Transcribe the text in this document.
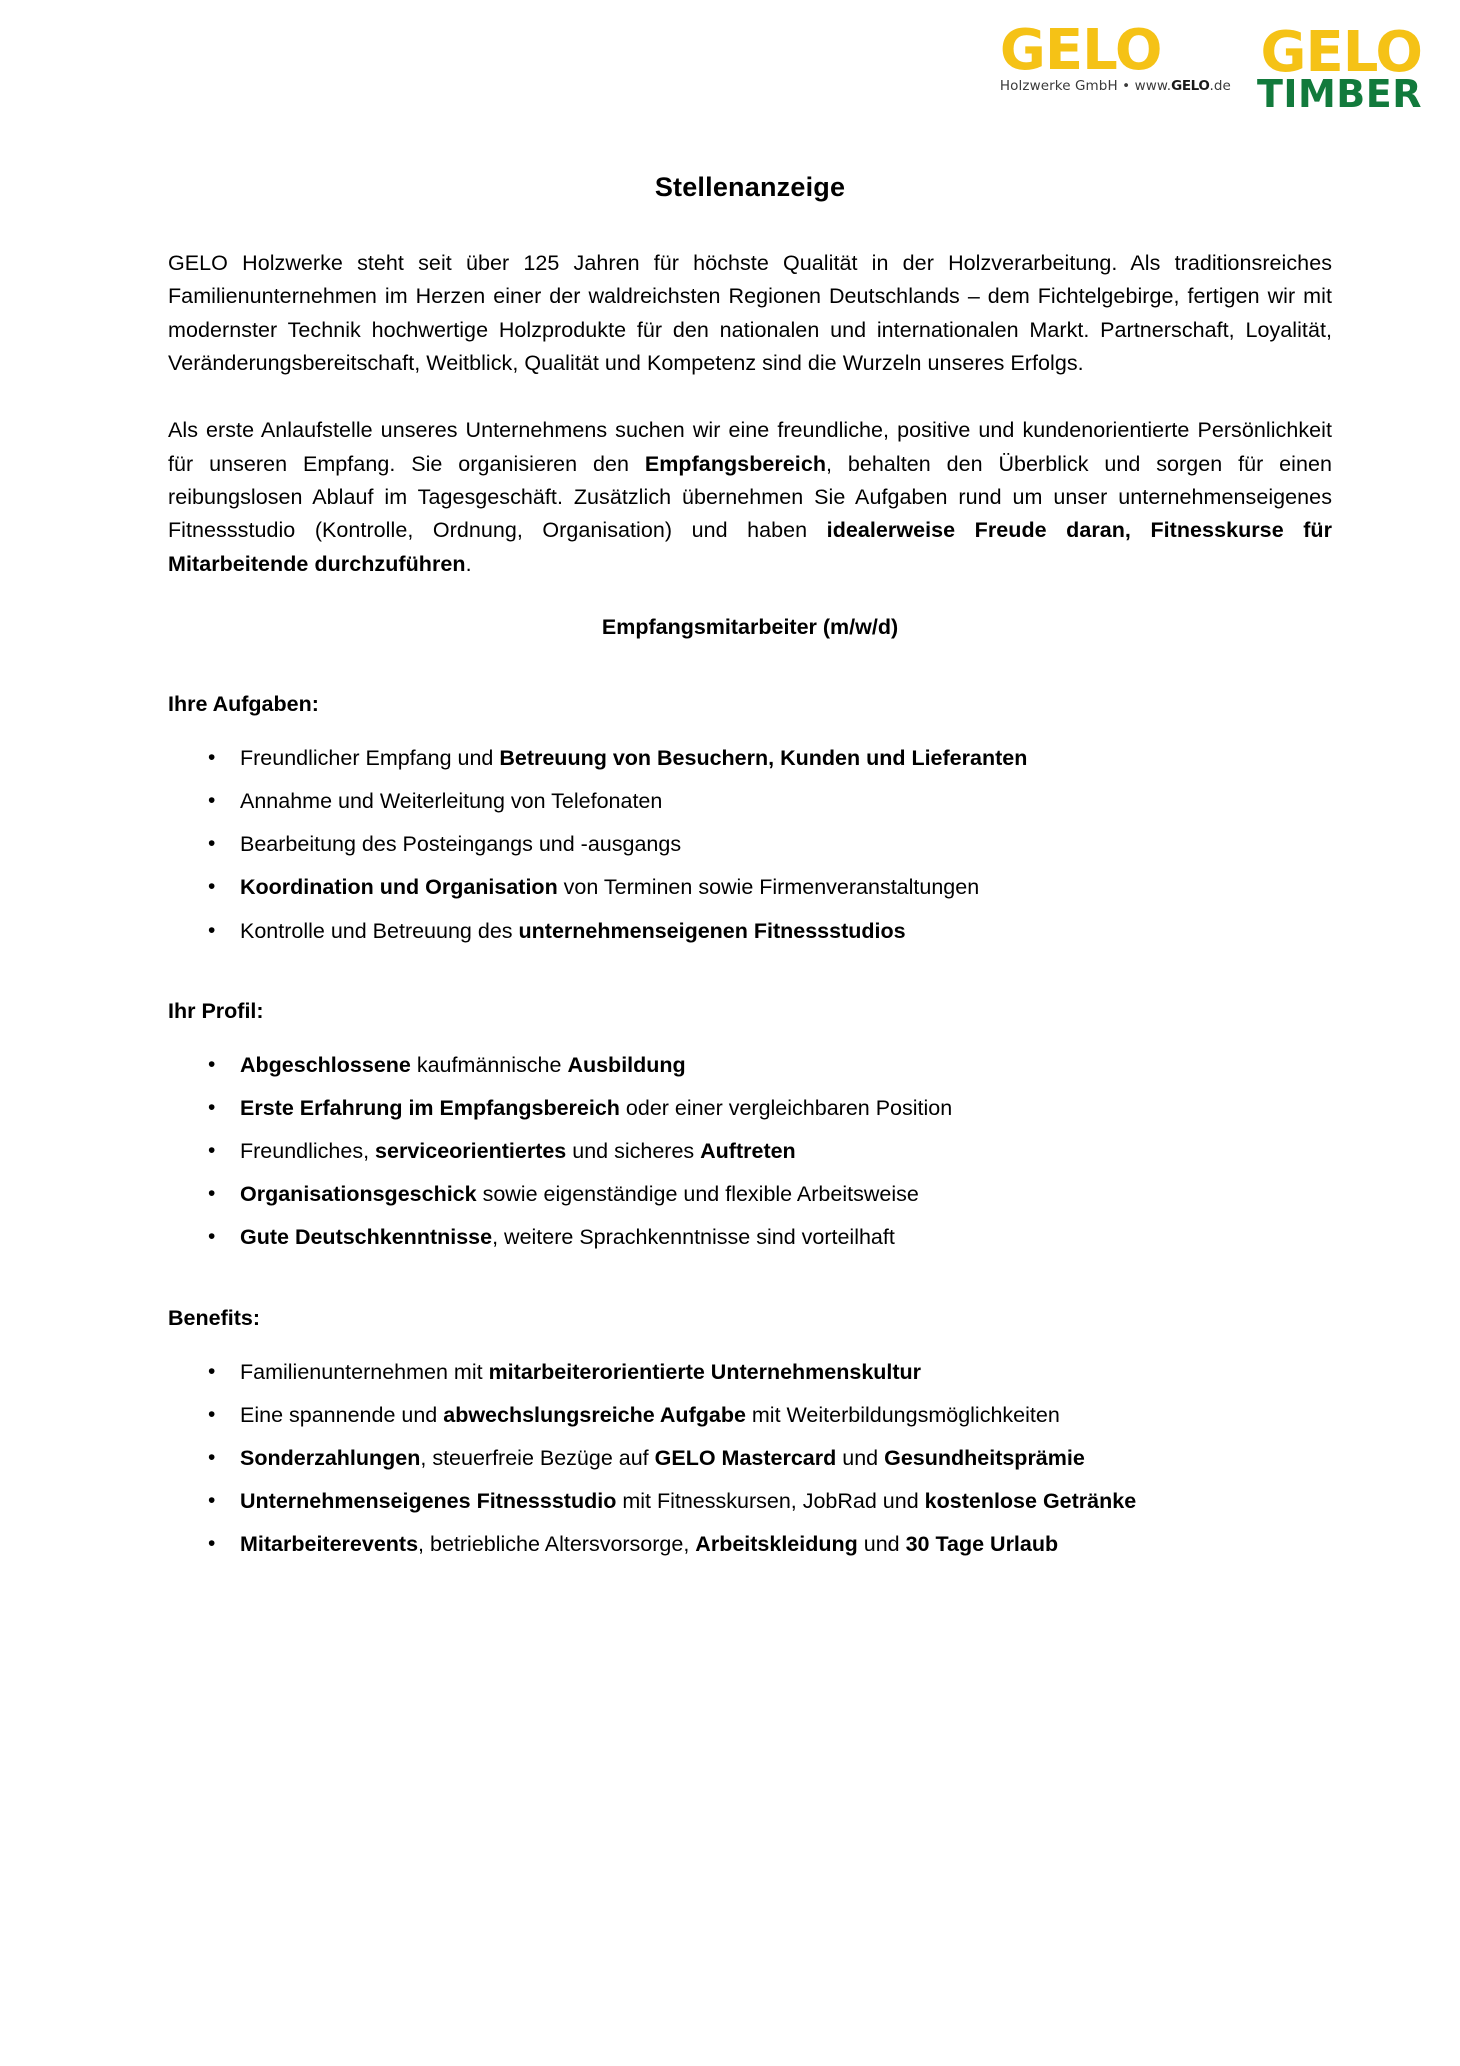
GELO
Holzwerke GmbH • www.GELO.de
GELO
TIMBER
Stellenanzeige

GELO Holzwerke steht seit über 125 Jahren für höchste Qualität in der Holzverarbeitung. Als traditionsreiches Familienunternehmen im Herzen einer der waldreichsten Regionen Deutschlands – dem Fichtelgebirge, fertigen wir mit modernster Technik hochwertige Holzprodukte für den nationalen und internationalen Markt. Partnerschaft, Loyalität, Veränderungsbereitschaft, Weitblick, Qualität und Kompetenz sind die Wurzeln unseres Erfolgs.

Als erste Anlaufstelle unseres Unternehmens suchen wir eine freundliche, positive und kundenorientierte Persönlichkeit für unseren Empfang. Sie organisieren den Empfangsbereich, behalten den Überblick und sorgen für einen reibungslosen Ablauf im Tagesgeschäft. Zusätzlich übernehmen Sie Aufgaben rund um unser unternehmenseigenes Fitnessstudio (Kontrolle, Ordnung, Organisation) und haben idealerweise Freude daran, Fitnesskurse für Mitarbeitende durchzuführen.

Empfangsmitarbeiter (m/w/d)

Ihre Aufgaben:

• Freundlicher Empfang und Betreuung von Besuchern, Kunden und Lieferanten
• Annahme und Weiterleitung von Telefonaten
• Bearbeitung des Posteingangs und -ausgangs
• Koordination und Organisation von Terminen sowie Firmenveranstaltungen
• Kontrolle und Betreuung des unternehmenseigenen Fitnessstudios

Ihr Profil:

• Abgeschlossene kaufmännische Ausbildung
• Erste Erfahrung im Empfangsbereich oder einer vergleichbaren Position
• Freundliches, serviceorientiertes und sicheres Auftreten
• Organisationsgeschick sowie eigenständige und flexible Arbeitsweise
• Gute Deutschkenntnisse, weitere Sprachkenntnisse sind vorteilhaft

Benefits:

• Familienunternehmen mit mitarbeiterorientierte Unternehmenskultur
• Eine spannende und abwechslungsreiche Aufgabe mit Weiterbildungsmöglichkeiten
• Sonderzahlungen, steuerfreie Bezüge auf GELO Mastercard und Gesundheitsprämie
• Unternehmenseigenes Fitnessstudio mit Fitnesskursen, JobRad und kostenlose Getränke
• Mitarbeiterevents, betriebliche Altersvorsorge, Arbeitskleidung und 30 Tage Urlaub
